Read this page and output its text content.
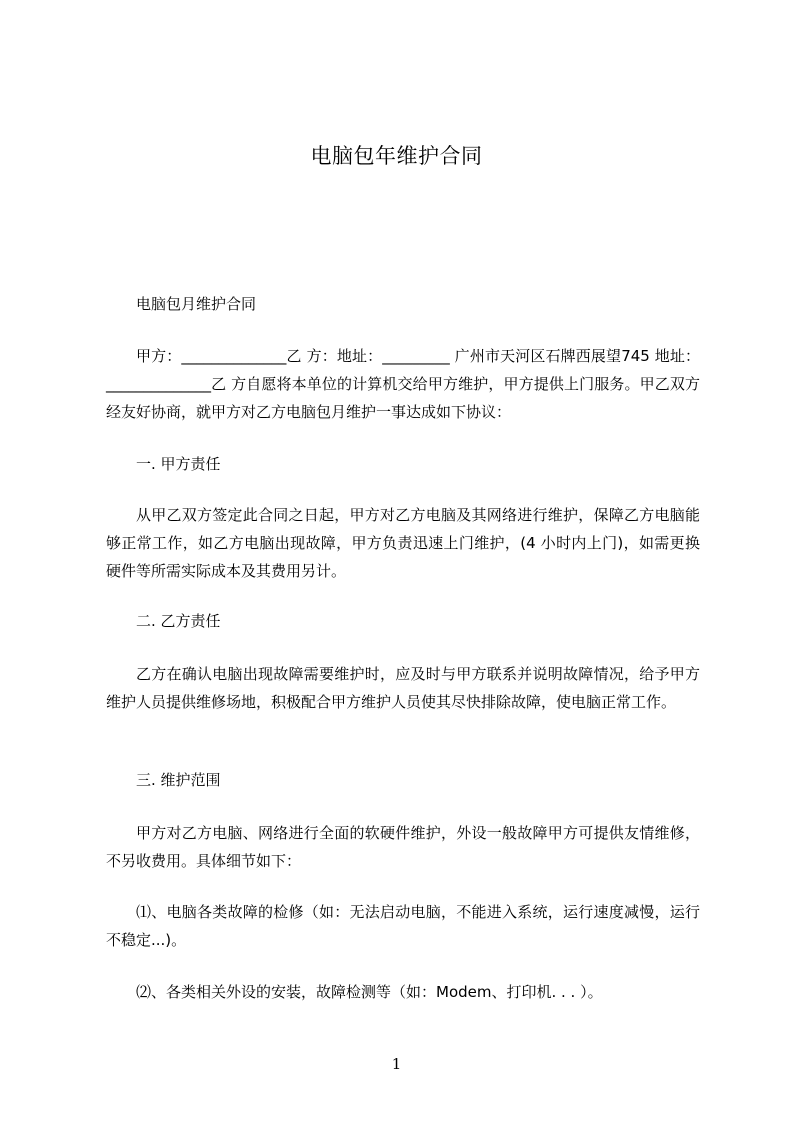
电脑包年维护合同

电脑包月维护合同

甲方：______________乙 方：地址：_________ 广州市天河区石牌西展望745 地址：______________乙 方自愿将本单位的计算机交给甲方维护，甲方提供上门服务。甲乙双方经友好协商，就甲方对乙方电脑包月维护一事达成如下协议：

一. 甲方责任

从甲乙双方签定此合同之日起，甲方对乙方电脑及其网络进行维护，保障乙方电脑能够正常工作，如乙方电脑出现故障，甲方负责迅速上门维护，(4 小时内上门)，如需更换硬件等所需实际成本及其费用另计。

二. 乙方责任

乙方在确认电脑出现故障需要维护时，应及时与甲方联系并说明故障情况，给予甲方维护人员提供维修场地，积极配合甲方维护人员使其尽快排除故障，使电脑正常工作。

三. 维护范围

甲方对乙方电脑、网络进行全面的软硬件维护，外设一般故障甲方可提供友情维修，不另收费用。具体细节如下：

⑴、电脑各类故障的检修（如：无法启动电脑，不能进入系统，运行速度减慢，运行不稳定...)。

⑵、各类相关外设的安装，故障检测等（如：Modem、打印机. . . ）。

1
